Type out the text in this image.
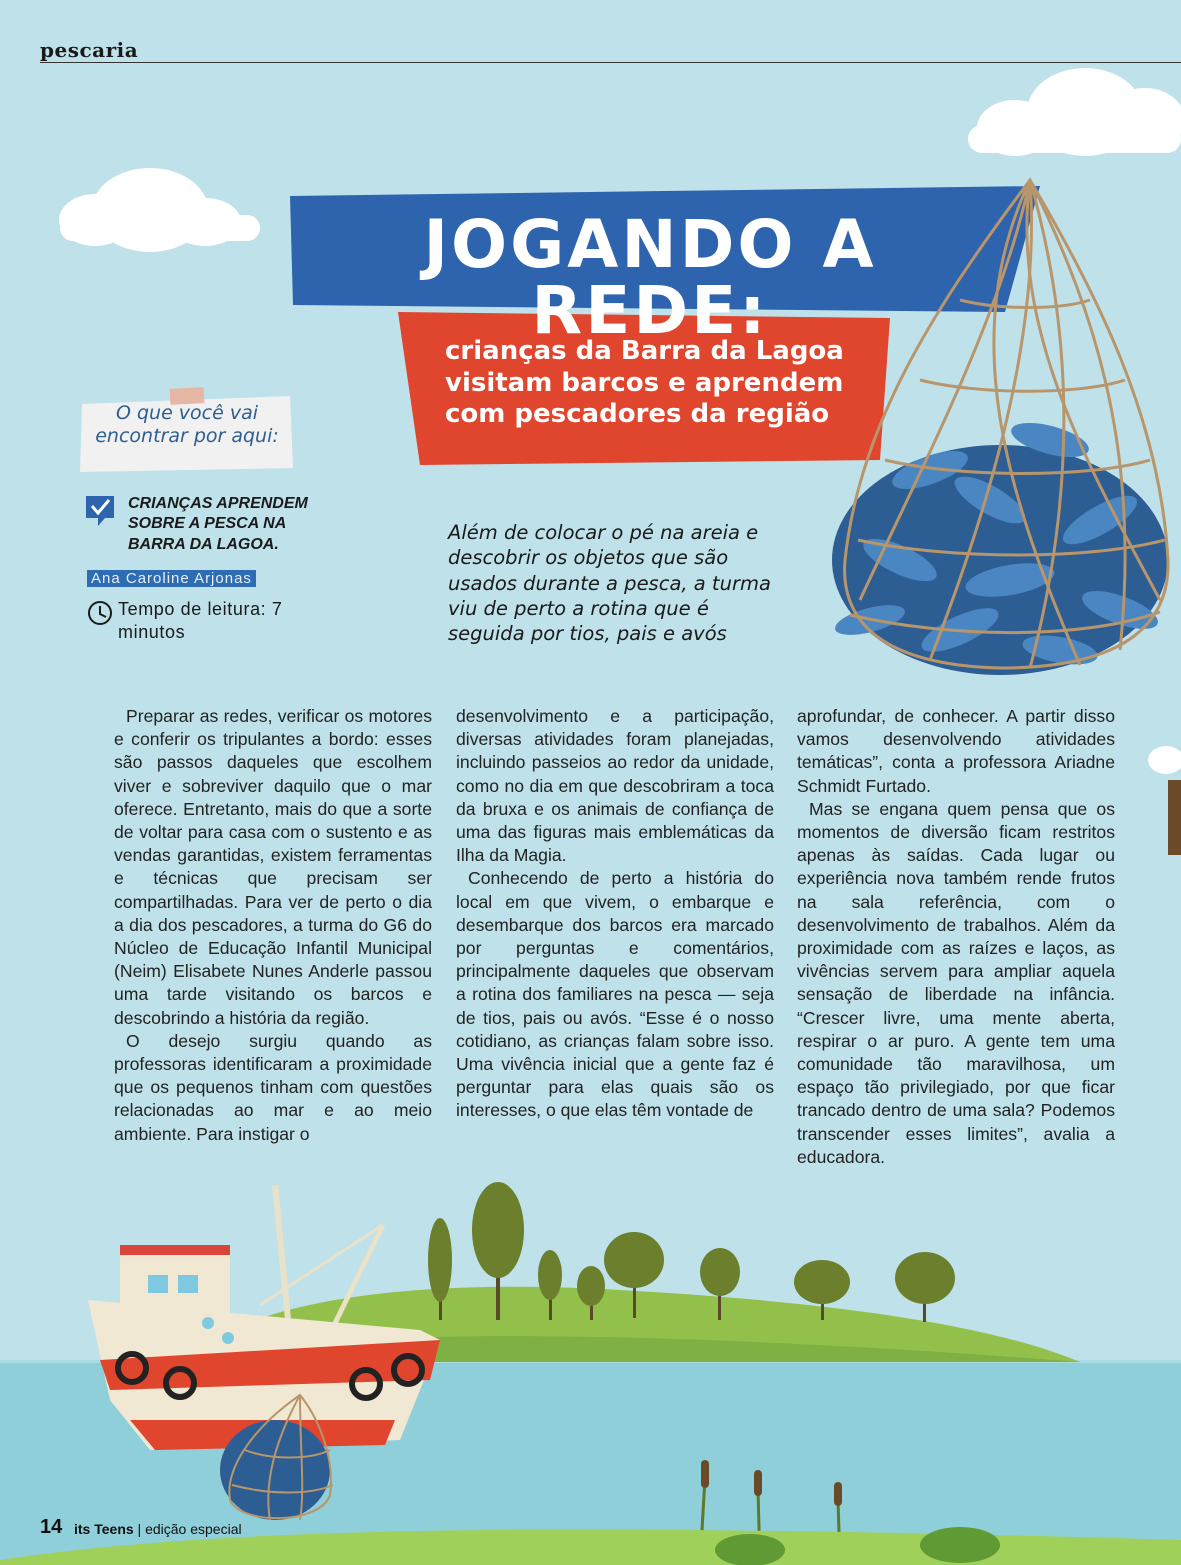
pescaria
JOGANDO A REDE:
crianças da Barra da Lagoa visitam barcos e aprendem com pescadores da região
O que você vai encontrar por aqui:
CRIANÇAS APRENDEM SOBRE A PESCA NA BARRA DA LAGOA.
Ana Caroline Arjonas
Tempo de leitura: 7 minutos
Além de colocar o pé na areia e descobrir os objetos que são usados durante a pesca, a turma viu de perto a rotina que é seguida por tios, pais e avós

Preparar as redes, verificar os motores e conferir os tripulantes a bordo: esses são passos daqueles que escolhem viver e sobreviver daquilo que o mar oferece. Entretanto, mais do que a sorte de voltar para casa com o sustento e as vendas garantidas, existem ferramentas e técnicas que precisam ser compartilhadas. Para ver de perto o dia a dia dos pescadores, a turma do G6 do Núcleo de Educação Infantil Municipal (Neim) Elisabete Nunes Anderle passou uma tarde visitando os barcos e descobrindo a história da região.

O desejo surgiu quando as professoras identificaram a proximidade que os pequenos tinham com questões relacionadas ao mar e ao meio ambiente. Para instigar o

desenvolvimento e a participação, diversas atividades foram planejadas, incluindo passeios ao redor da unidade, como no dia em que descobriram a toca da bruxa e os animais de confiança de uma das figuras mais emblemáticas da Ilha da Magia.

Conhecendo de perto a história do local em que vivem, o embarque e desembarque dos barcos era marcado por perguntas e comentários, principalmente daqueles que observam a rotina dos familiares na pesca — seja de tios, pais ou avós. “Esse é o nosso cotidiano, as crianças falam sobre isso. Uma vivência inicial que a gente faz é perguntar para elas quais são os interesses, o que elas têm vontade de

aprofundar, de conhecer. A partir disso vamos desenvolvendo atividades temáticas”, conta a professora Ariadne Schmidt Furtado.

Mas se engana quem pensa que os momentos de diversão ficam restritos apenas às saídas. Cada lugar ou experiência nova também rende frutos na sala referência, com o desenvolvimento de trabalhos. Além da proximidade com as raízes e laços, as vivências servem para ampliar aquela sensação de liberdade na infância. “Crescer livre, uma mente aberta, respirar o ar puro. A gente tem uma comunidade tão maravilhosa, um espaço tão privilegiado, por que ficar trancado dentro de uma sala? Podemos transcender esses limites”, avalia a educadora.

14 its Teens | edição especial
